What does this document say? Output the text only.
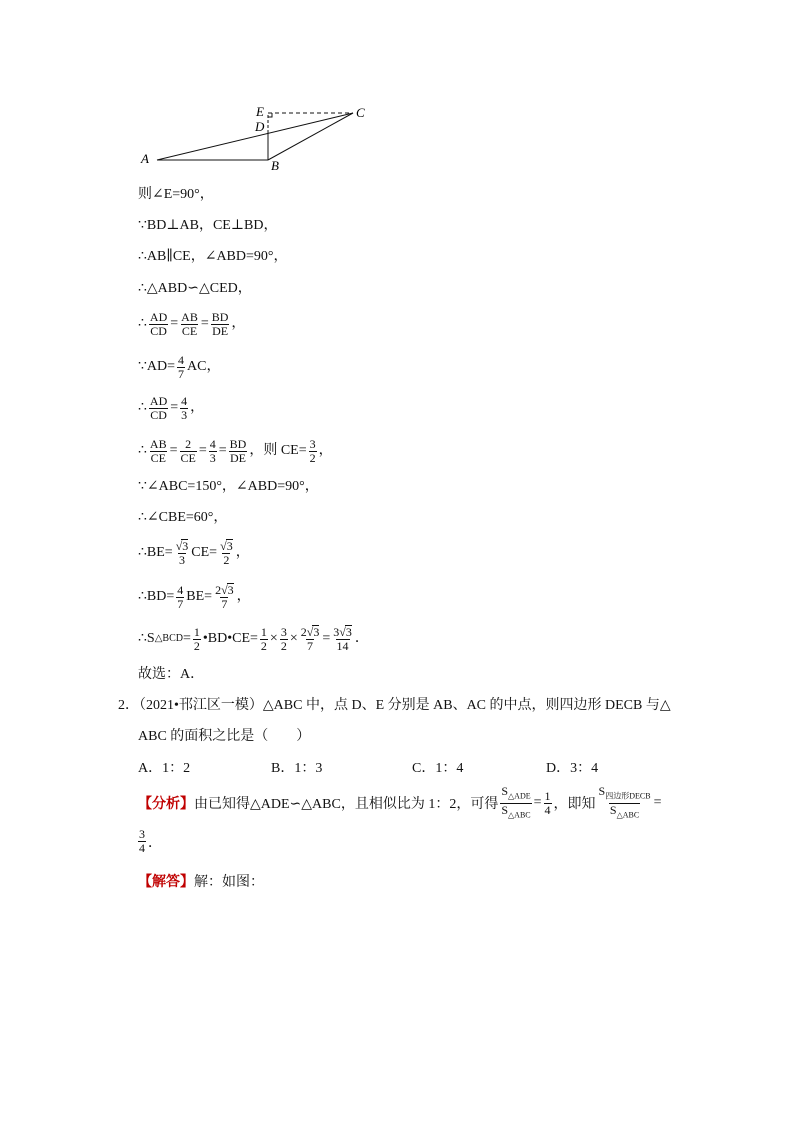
E
D
C
A	B
则∠E=90°，
∵BD⊥AB，CE⊥BD，
∴AB∥CE，∠ABD=90°，
∴△ABD∽△CED，
∴ $\frac{AD}{CD} = \frac{AB}{CE} = \frac{BD}{DE}$ ，
∵AD= $\frac{4}{7}$ AC，
∴ $\frac{AD}{CD} = \frac{4}{3}$ ，
∴ $\frac{AB}{CE} = \frac{2}{CE} = \frac{4}{3} = \frac{BD}{DE}$ ，则 $CE= \frac{3}{2}$ ，
∵∠ABC=150°，∠ABD=90°，
∴∠CBE=60°，
∴BE= $\frac{√3}{3} CE= \frac{√3}{2}$ ，
∴BD= $\frac{4}{7} BE= \frac{2√3}{7}$ ，
∴S △BCD = $\frac{1}{2}$ •BD•CE= $\frac{1}{2} \times \frac{3}{2} \times \frac{2√3}{7} = \frac{3√3}{14}$ ．
故选：A．
2．（2021•邗江区一模）△ABC 中，点 D、E 分别是 AB、AC 的中点，则四边形 DECB 与△
ABC 的面积之比是（　　）
A．1：2	B．1：3	C．1：4	D．3：4
【分析】 由已知得△ADE∽△ABC，且相似比为 1：2，可得 $\frac{S_{\triangle ADE}}{S_{\triangle ABC}} = \frac{1}{4}$ ，即知 $\frac{S_{四边形DECB}}{S_{\triangle ABC}}$ =
$\frac{3}{4}$ ．
【解答】解：如图：
